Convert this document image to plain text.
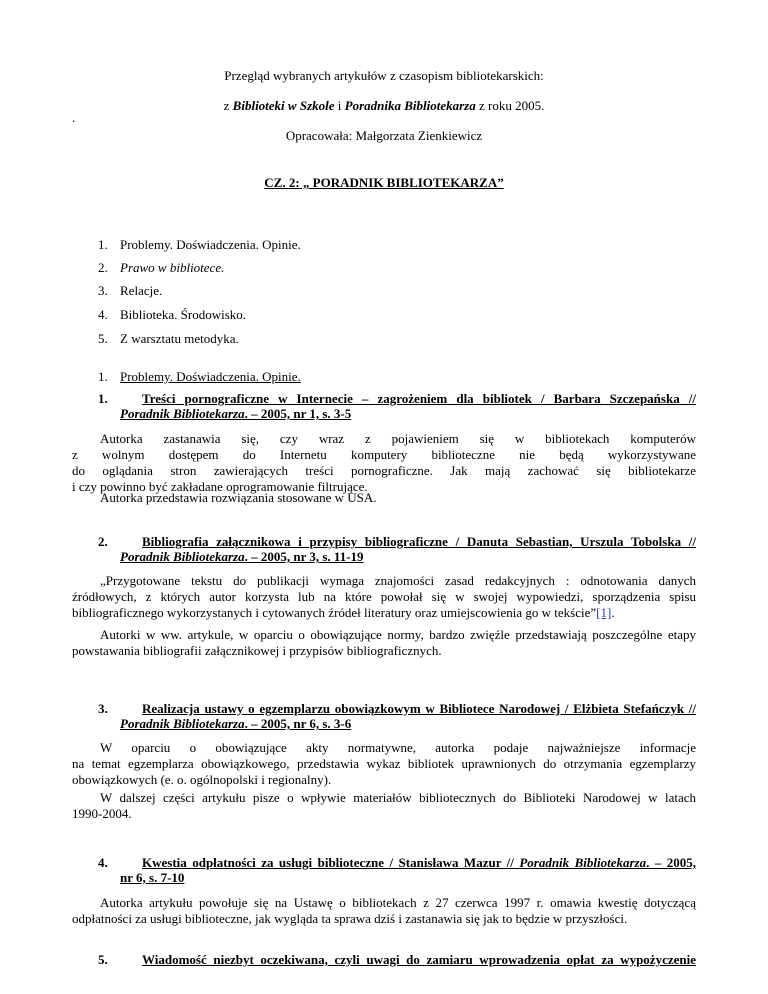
Przegląd wybranych artykułów z czasopism bibliotekarskich:
z Biblioteki w Szkole i Poradnika Bibliotekarza z roku 2005.
.
Opracowała: Małgorzata Zienkiewicz
CZ. 2: „ PORADNIK BIBLIOTEKARZA”
1. Problemy. Doświadczenia. Opinie.
2. Prawo w bibliotece.
3. Relacje.
4. Biblioteka. Środowisko.
5. Z warsztatu metodyka.
1. Problemy. Doświadczenia. Opinie.
1.	Treści pornograficzne w Internecie – zagrożeniem dla bibliotek / Barbara Szczepańska //
Poradnik Bibliotekarza. – 2005, nr 1, s. 3-5
Autorka zastanawia się, czy wraz z pojawieniem się w bibliotekach komputerów
z wolnym dostępem do Internetu komputery biblioteczne nie będą wykorzystywane
do oglądania stron zawierających treści pornograficzne. Jak mają zachować się bibliotekarze
i czy powinno być zakładane oprogramowanie filtrujące.
Autorka przedstawia rozwiązania stosowane w USA.
2.	Bibliografia załącznikowa i przypisy bibliograficzne / Danuta Sebastian, Urszula Tobolska //
Poradnik Bibliotekarza. – 2005, nr 3, s. 11-19
„Przygotowane tekstu do publikacji wymaga znajomości zasad redakcyjnych : odnotowania danych
źródłowych, z których autor korzysta lub na które powołał się w swojej wypowiedzi, sporządzenia spisu
bibliograficznego wykorzystanych i cytowanych źródeł literatury oraz umiejscowienia go w tekście”[1].
Autorki w ww. artykule, w oparciu o obowiązujące normy, bardzo zwięźle przedstawiają poszczególne etapy
powstawania bibliografii załącznikowej i przypisów bibliograficznych.
3.	Realizacja ustawy o egzemplarzu obowiązkowym w Bibliotece Narodowej / Elżbieta Stefańczyk //
Poradnik Bibliotekarza. – 2005, nr 6, s. 3-6
W oparciu o obowiązujące akty normatywne, autorka podaje najważniejsze informacje
na temat egzemplarza obowiązkowego, przedstawia wykaz bibliotek uprawnionych do otrzymania egzemplarzy
obowiązkowych (e. o. ogólnopolski i regionalny).
W dalszej części artykułu pisze o wpływie materiałów bibliotecznych do Biblioteki Narodowej w latach
1990-2004.
4.	Kwestia odpłatności za usługi biblioteczne / Stanisława Mazur // Poradnik Bibliotekarza. – 2005,
nr 6, s. 7-10
Autorka artykułu powołuje się na Ustawę o bibliotekach z 27 czerwca 1997 r. omawia kwestię dotyczącą
odpłatności za usługi biblioteczne, jak wygląda ta sprawa dziś i zastanawia się jak to będzie w przyszłości.
5.	Wiadomość niezbyt oczekiwana, czyli uwagi do zamiaru wprowadzenia opłat za wypożyczenie
